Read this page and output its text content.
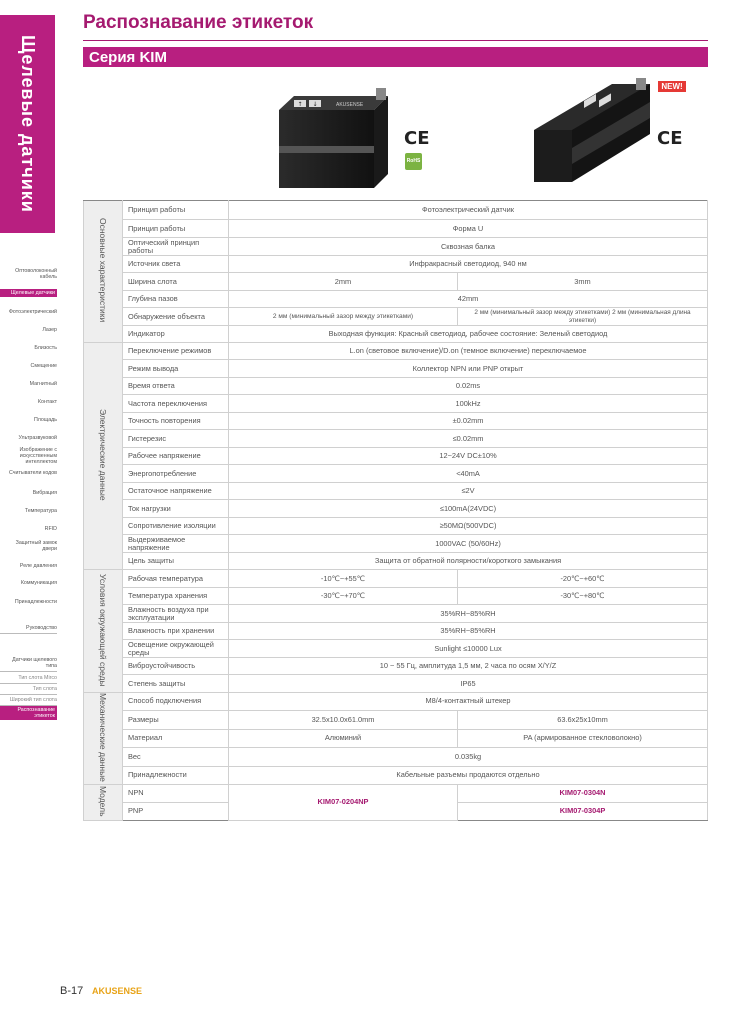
Щелевые датчики
Распознавание этикеток
Серия KIM
↑ ↓	AKUSENSE
CE
RoHS
NEW!
CE
Оптоволоконный кабель
Щелевые датчики
Фотоэлектрический
Лазер
Близость
Смещение
Магнитный
Контакт
Площадь
Ультразвуковой
Изображение с искусственным интеллектом
Считыватели кодов
Вибрация
Температура
RFID
Защитный замок двери
Реле давления
Коммуникация
Принадлежности
Руководство
Датчики щелевого типа
Тип слота Mirco
Тип слота
Широкий тип слота
Распознавание этикеток
Основные характеристики	Принцип работы	Фотоэлектрический датчик	
	Принцип работы	Форма U	
	Оптический принцип работы	Сквозная балка	
	Источник света	Инфракрасный светодиод, 940 нм	
	Ширина слота	2mm	3mm
	Глубина пазов	42mm	
	Обнаружение объекта	2 мм (минимальный зазор между этикетками)	2 мм (минимальный зазор между этикетками) 2 мм (минимальная длина этикетки)
	Индикатор	Выходная функция: Красный светодиод, рабочее состояние: Зеленый светодиод	
Электрические данные	Переключение режимов	L.on (световое включение)/D.on (темное включение) переключаемое	
	Режим вывода	Коллектор NPN или PNP открыт	
	Время ответа	0.02ms	
	Частота переключения	100kHz	
	Точность повторения	±0.02mm	
	Гистерезис	≤0.02mm	
	Рабочее напряжение	12~24V DC±10%	
	Энергопотребление	<40mA	
	Остаточное напряжение	≤2V	
	Ток нагрузки	≤100mA(24VDC)	
	Сопротивление изоляции	≥50MΩ(500VDC)	
	Выдерживаемое напряжение	1000VAC (50/60Hz)	
	Цель защиты	Защита от обратной полярности/короткого замыкания	
Условия окружающей среды	Рабочая температура	-10℃~+55℃	-20℃~+60℃
	Температура хранения	-30℃~+70℃	-30℃~+80℃
	Влажность воздуха при эксплуатации	35%RH~85%RH	
	Влажность при хранении	35%RH~85%RH	
	Освещение окружающей среды	Sunlight ≤10000 Lux	
	Виброустойчивость	10 ~ 55 Гц, амплитуда 1,5 мм, 2 часа по осям X/Y/Z	
	Степень защиты	IP65	
Механические данные	Способ подключения	M8/4-контактный штекер	
	Размеры	32.5x10.0x61.0mm	63.6x25x10mm
	Материал	Алюминий	PA (армированное стекловолокно)
	Вес	0.035kg	
	Принадлежности	Кабельные разъемы продаются отдельно	
Модель	NPN	KIM07-0204NP	KIM07-0304N
	PNP		KIM07-0304P
B-17 AKUSENSE
